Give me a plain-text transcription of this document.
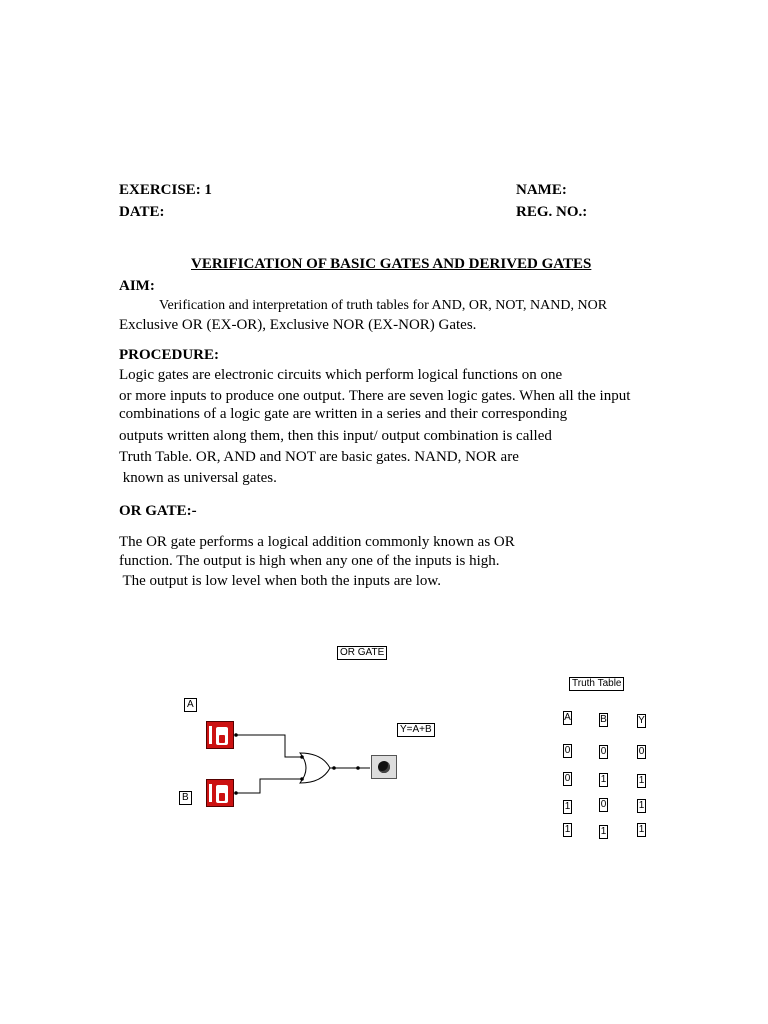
EXERCISE: 1	NAME:
DATE:	REG. NO.:
VERIFICATION OF BASIC GATES AND DERIVED GATES
AIM:
Verification and interpretation of truth tables for AND, OR, NOT, NAND, NOR
Exclusive OR (EX-OR), Exclusive NOR (EX-NOR) Gates.
PROCEDURE:
Logic gates are electronic circuits which perform logical functions on one
or more inputs to produce one output. There are seven logic gates. When all the input
combinations of a logic gate are written in a series and their corresponding
outputs written along them, then this input/ output combination is called
Truth Table. OR, AND and NOT are basic gates. NAND, NOR are
known as universal gates.
OR GATE:-
The OR gate performs a logical addition commonly known as OR
function. The output is high when any one of the inputs is high.
The output is low level when both the inputs are low.
OR GATE
A
B
Y=A+B
Truth Table
A	B	Y
0	0	0
0	1	1
1	0	1
1	1	1
